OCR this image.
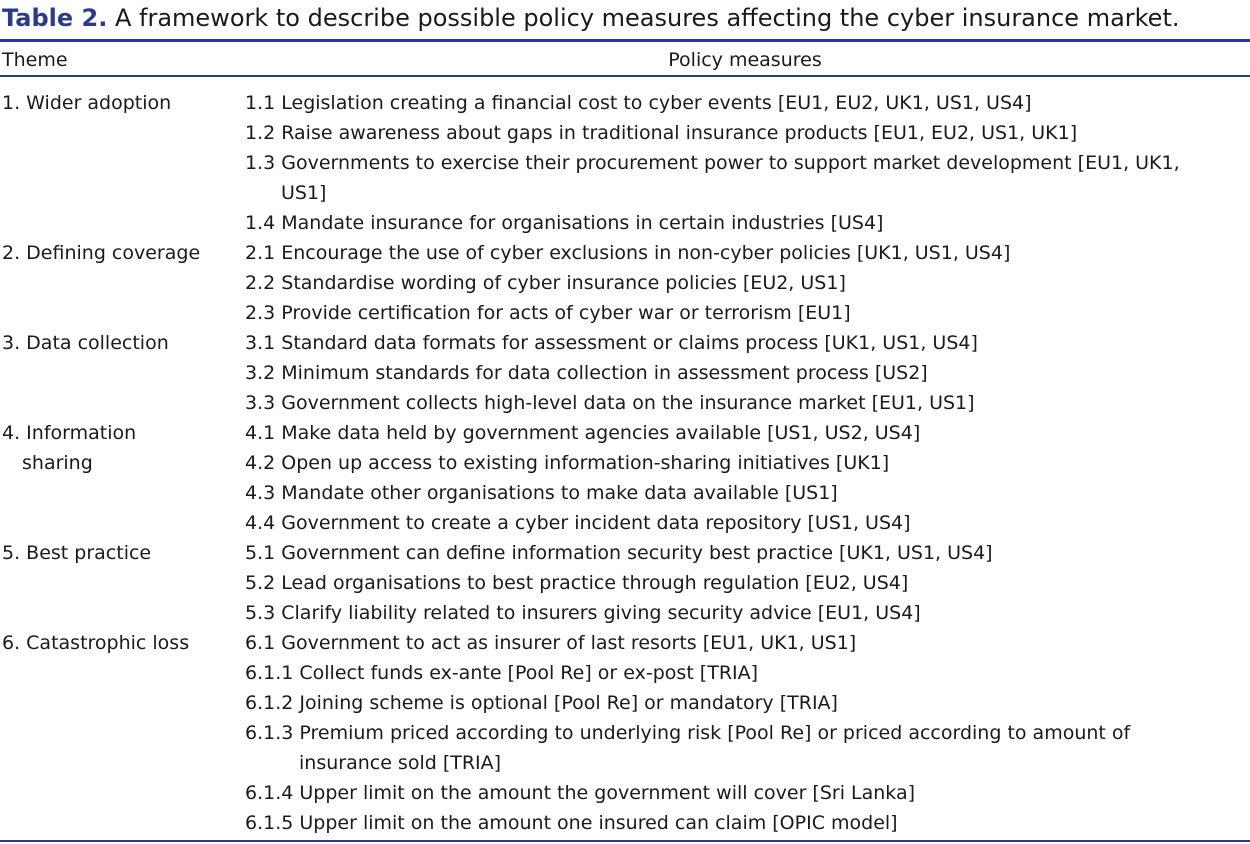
Table 2. A framework to describe possible policy measures affecting the cyber insurance market.
Theme	Policy measures
1. Wider adoption
2. Defining coverage
3. Data collection
4. Information
sharing
5. Best practice
6. Catastrophic loss
1.1 Legislation creating a financial cost to cyber events [EU1, EU2, UK1, US1, US4]
1.2 Raise awareness about gaps in traditional insurance products [EU1, EU2, US1, UK1]
1.3 Governments to exercise their procurement power to support market development [EU1, UK1,
US1]
1.4 Mandate insurance for organisations in certain industries [US4]
2.1 Encourage the use of cyber exclusions in non-cyber policies [UK1, US1, US4]
2.2 Standardise wording of cyber insurance policies [EU2, US1]
2.3 Provide certification for acts of cyber war or terrorism [EU1]
3.1 Standard data formats for assessment or claims process [UK1, US1, US4]
3.2 Minimum standards for data collection in assessment process [US2]
3.3 Government collects high-level data on the insurance market [EU1, US1]
4.1 Make data held by government agencies available [US1, US2, US4]
4.2 Open up access to existing information-sharing initiatives [UK1]
4.3 Mandate other organisations to make data available [US1]
4.4 Government to create a cyber incident data repository [US1, US4]
5.1 Government can define information security best practice [UK1, US1, US4]
5.2 Lead organisations to best practice through regulation [EU2, US4]
5.3 Clarify liability related to insurers giving security advice [EU1, US4]
6.1 Government to act as insurer of last resorts [EU1, UK1, US1]
6.1.1 Collect funds ex-ante [Pool Re] or ex-post [TRIA]
6.1.2 Joining scheme is optional [Pool Re] or mandatory [TRIA]
6.1.3 Premium priced according to underlying risk [Pool Re] or priced according to amount of
insurance sold [TRIA]
6.1.4 Upper limit on the amount the government will cover [Sri Lanka]
6.1.5 Upper limit on the amount one insured can claim [OPIC model]
